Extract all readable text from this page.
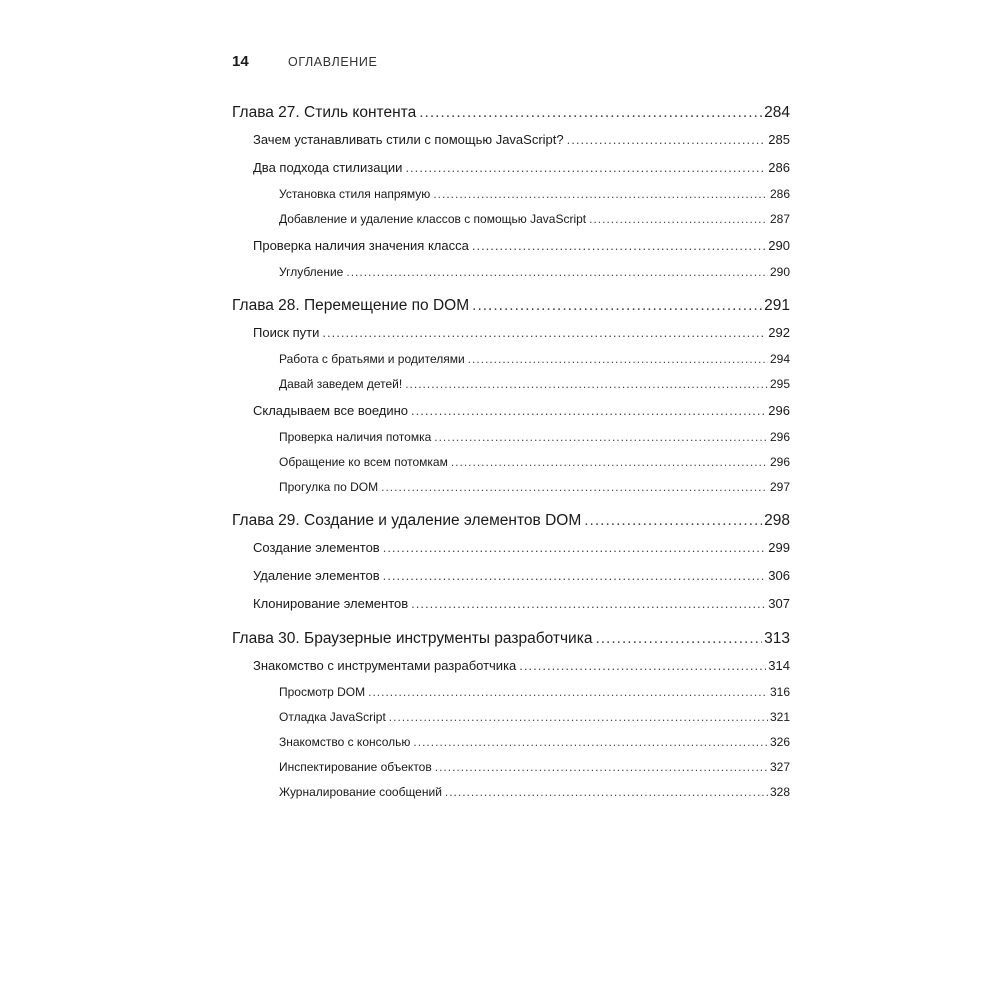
14	ОГЛАВЛЕНИЕ
Глава 27. Стиль контента .....	284
Зачем устанавливать стили с помощью JavaScript? .....	285
Два подхода стилизации .....	286
Установка стиля напрямую .....	286
Добавление и удаление классов с помощью JavaScript .....	287
Проверка наличия значения класса .....	290
Углубление .....	290
Глава 28. Перемещение по DOM .....	291
Поиск пути .....	292
Работа с братьями и родителями .....	294
Давай заведем детей! .....	295
Складываем все воедино .....	296
Проверка наличия потомка .....	296
Обращение ко всем потомкам .....	296
Прогулка по DOM .....	297
Глава 29. Создание и удаление элементов DOM .....	298
Создание элементов .....	299
Удаление элементов .....	306
Клонирование элементов .....	307
Глава 30. Браузерные инструменты разработчика .....	313
Знакомство с инструментами разработчика .....	314
Просмотр DOM .....	316
Отладка JavaScript .....	321
Знакомство с консолью .....	326
Инспектирование объектов .....	327
Журналирование сообщений .....	328
